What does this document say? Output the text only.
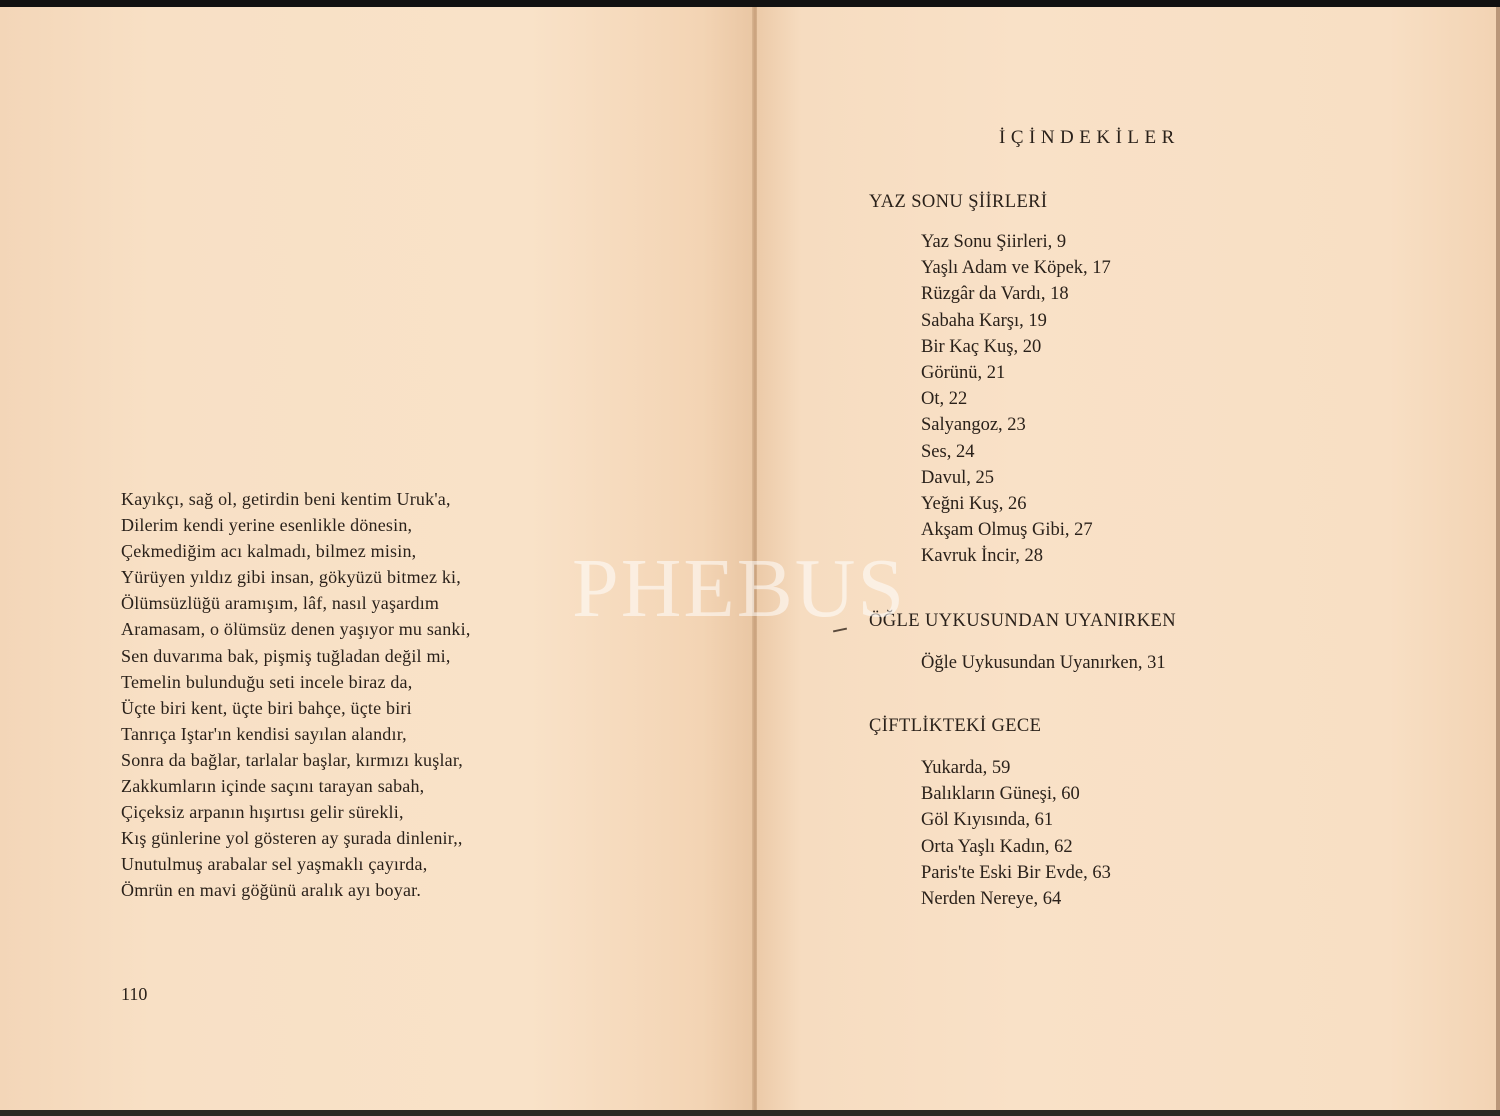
Kayıkçı, sağ ol, getirdin beni kentim Uruk'a,
Dilerim kendi yerine esenlikle dönesin,
Çekmediğim acı kalmadı, bilmez misin,
Yürüyen yıldız gibi insan, gökyüzü bitmez ki,
Ölümsüzlüğü aramışım, lâf, nasıl yaşardım
Aramasam, o ölümsüz denen yaşıyor mu sanki,
Sen duvarıma bak, pişmiş tuğladan değil mi,
Temelin bulunduğu seti incele biraz da,
Üçte biri kent, üçte biri bahçe, üçte biri
Tanrıça Iştar'ın kendisi sayılan alandır,
Sonra da bağlar, tarlalar başlar, kırmızı kuşlar,
Zakkumların içinde saçını tarayan sabah,
Çiçeksiz arpanın hışırtısı gelir sürekli,
Kış günlerine yol gösteren ay şurada dinlenir,,
Unutulmuş arabalar sel yaşmaklı çayırda,
Ömrün en mavi göğünü aralık ayı boyar.
110
İÇİNDEKİLER
YAZ SONU ŞİİRLERİ
Yaz Sonu Şiirleri, 9
Yaşlı Adam ve Köpek, 17
Rüzgâr da Vardı, 18
Sabaha Karşı, 19
Bir Kaç Kuş, 20
Görünü, 21
Ot, 22
Salyangoz, 23
Ses, 24
Davul, 25
Yeğni Kuş, 26
Akşam Olmuş Gibi, 27
Kavruk İncir, 28
ÖĞLE UYKUSUNDAN UYANIRKEN
Öğle Uykusundan Uyanırken, 31
ÇİFTLİKTEKİ GECE
Yukarda, 59
Balıkların Güneşi, 60
Göl Kıyısında, 61
Orta Yaşlı Kadın, 62
Paris'te Eski Bir Evde, 63
Nerden Nereye, 64
PHEBUS
